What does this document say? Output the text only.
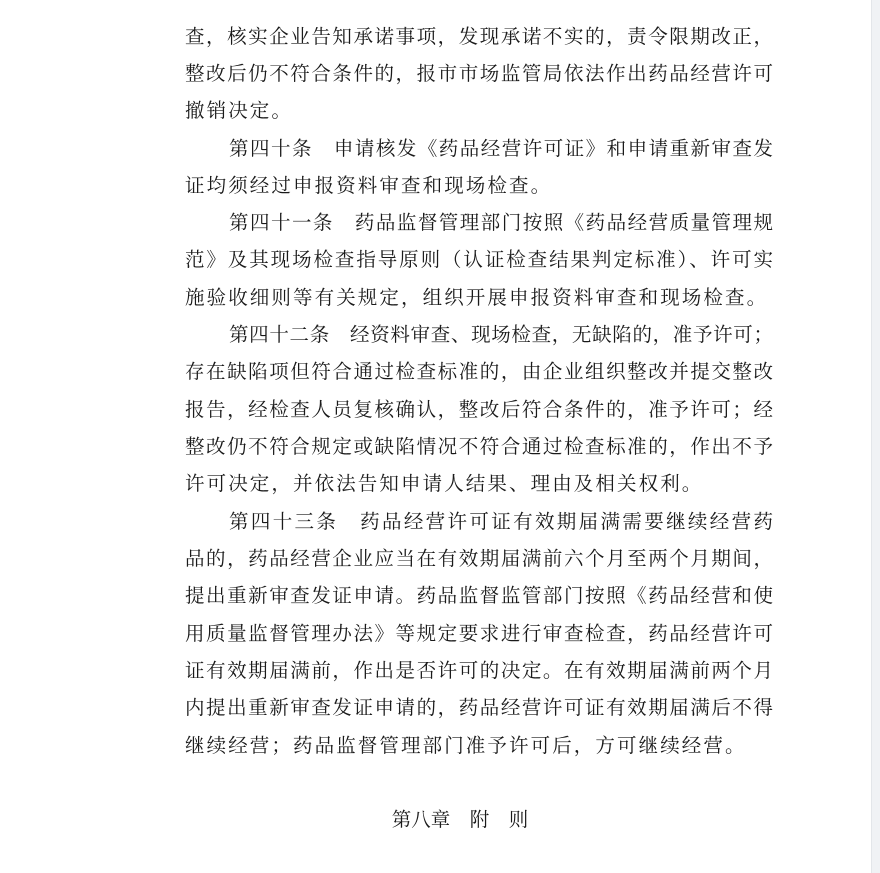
查，核实企业告知承诺事项，发现承诺不实的，责令限期改正，
整改后仍不符合条件的，报市市场监管局依法作出药品经营许可
撤销决定。
第四十条　申请核发《药品经营许可证》和申请重新审查发
证均须经过申报资料审查和现场检查。
第四十一条　药品监督管理部门按照《药品经营质量管理规
范》及其现场检查指导原则（认证检查结果判定标准）、许可实
施验收细则等有关规定，组织开展申报资料审查和现场检查。
第四十二条　经资料审查、现场检查，无缺陷的，准予许可；
存在缺陷项但符合通过检查标准的，由企业组织整改并提交整改
报告，经检查人员复核确认，整改后符合条件的，准予许可；经
整改仍不符合规定或缺陷情况不符合通过检查标准的，作出不予
许可决定，并依法告知申请人结果、理由及相关权利。
第四十三条　药品经营许可证有效期届满需要继续经营药
品的，药品经营企业应当在有效期届满前六个月至两个月期间，
提出重新审查发证申请。药品监督监管部门按照《药品经营和使
用质量监督管理办法》等规定要求进行审查检查，药品经营许可
证有效期届满前，作出是否许可的决定。在有效期届满前两个月
内提出重新审查发证申请的，药品经营许可证有效期届满后不得
继续经营；药品监督管理部门准予许可后，方可继续经营。
第八章　附　则
